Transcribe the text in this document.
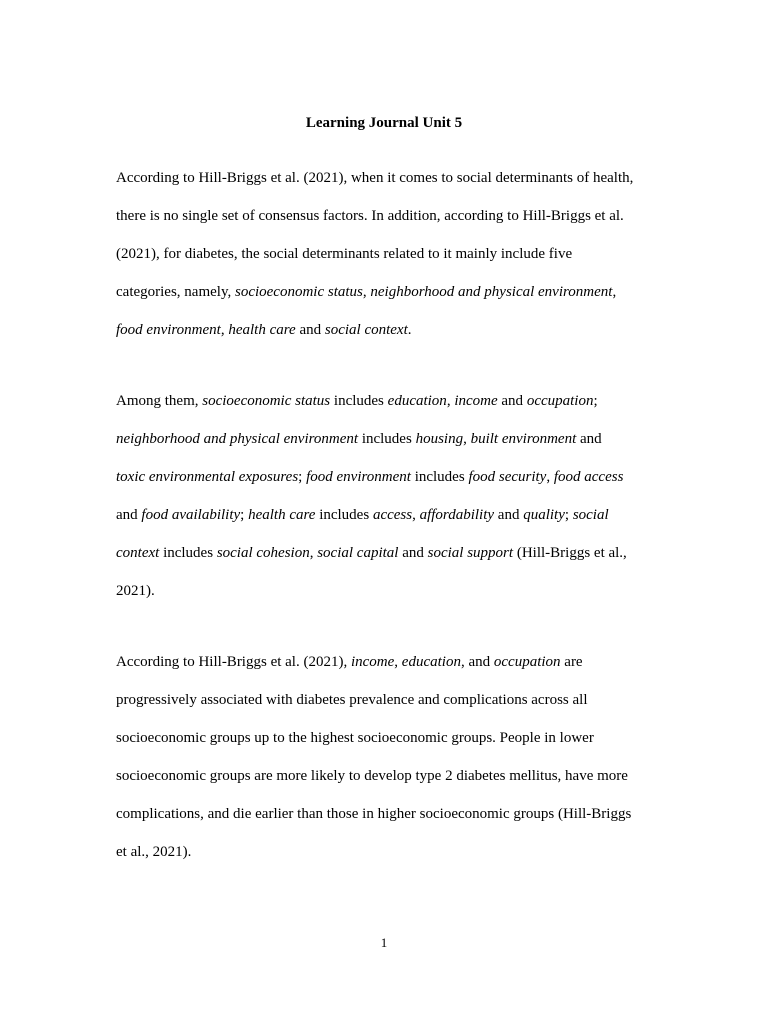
Learning Journal Unit 5

According to Hill-Briggs et al. (2021), when it comes to social determinants of health,

there is no single set of consensus factors. In addition, according to Hill-Briggs et al.

(2021), for diabetes, the social determinants related to it mainly include five

categories, namely, socioeconomic status, neighborhood and physical environment,

food environment, health care and social context.

Among them, socioeconomic status includes education, income and occupation;

neighborhood and physical environment includes housing, built environment and

toxic environmental exposures; food environment includes food security, food access

and food availability; health care includes access, affordability and quality; social

context includes social cohesion, social capital and social support (Hill-Briggs et al.,

2021).

According to Hill-Briggs et al. (2021), income, education, and occupation are

progressively associated with diabetes prevalence and complications across all

socioeconomic groups up to the highest socioeconomic groups. People in lower

socioeconomic groups are more likely to develop type 2 diabetes mellitus, have more

complications, and die earlier than those in higher socioeconomic groups (Hill-Briggs

et al., 2021).

1
